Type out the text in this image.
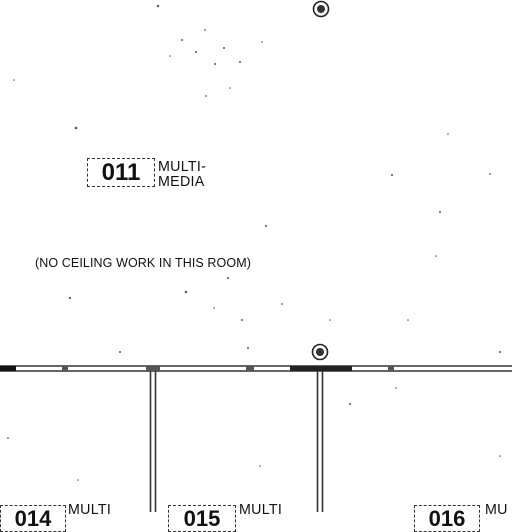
011	MULTI-
MEDIA
(NO CEILING WORK IN THIS ROOM)
014	MULTI	015	MULTI	016	MU
